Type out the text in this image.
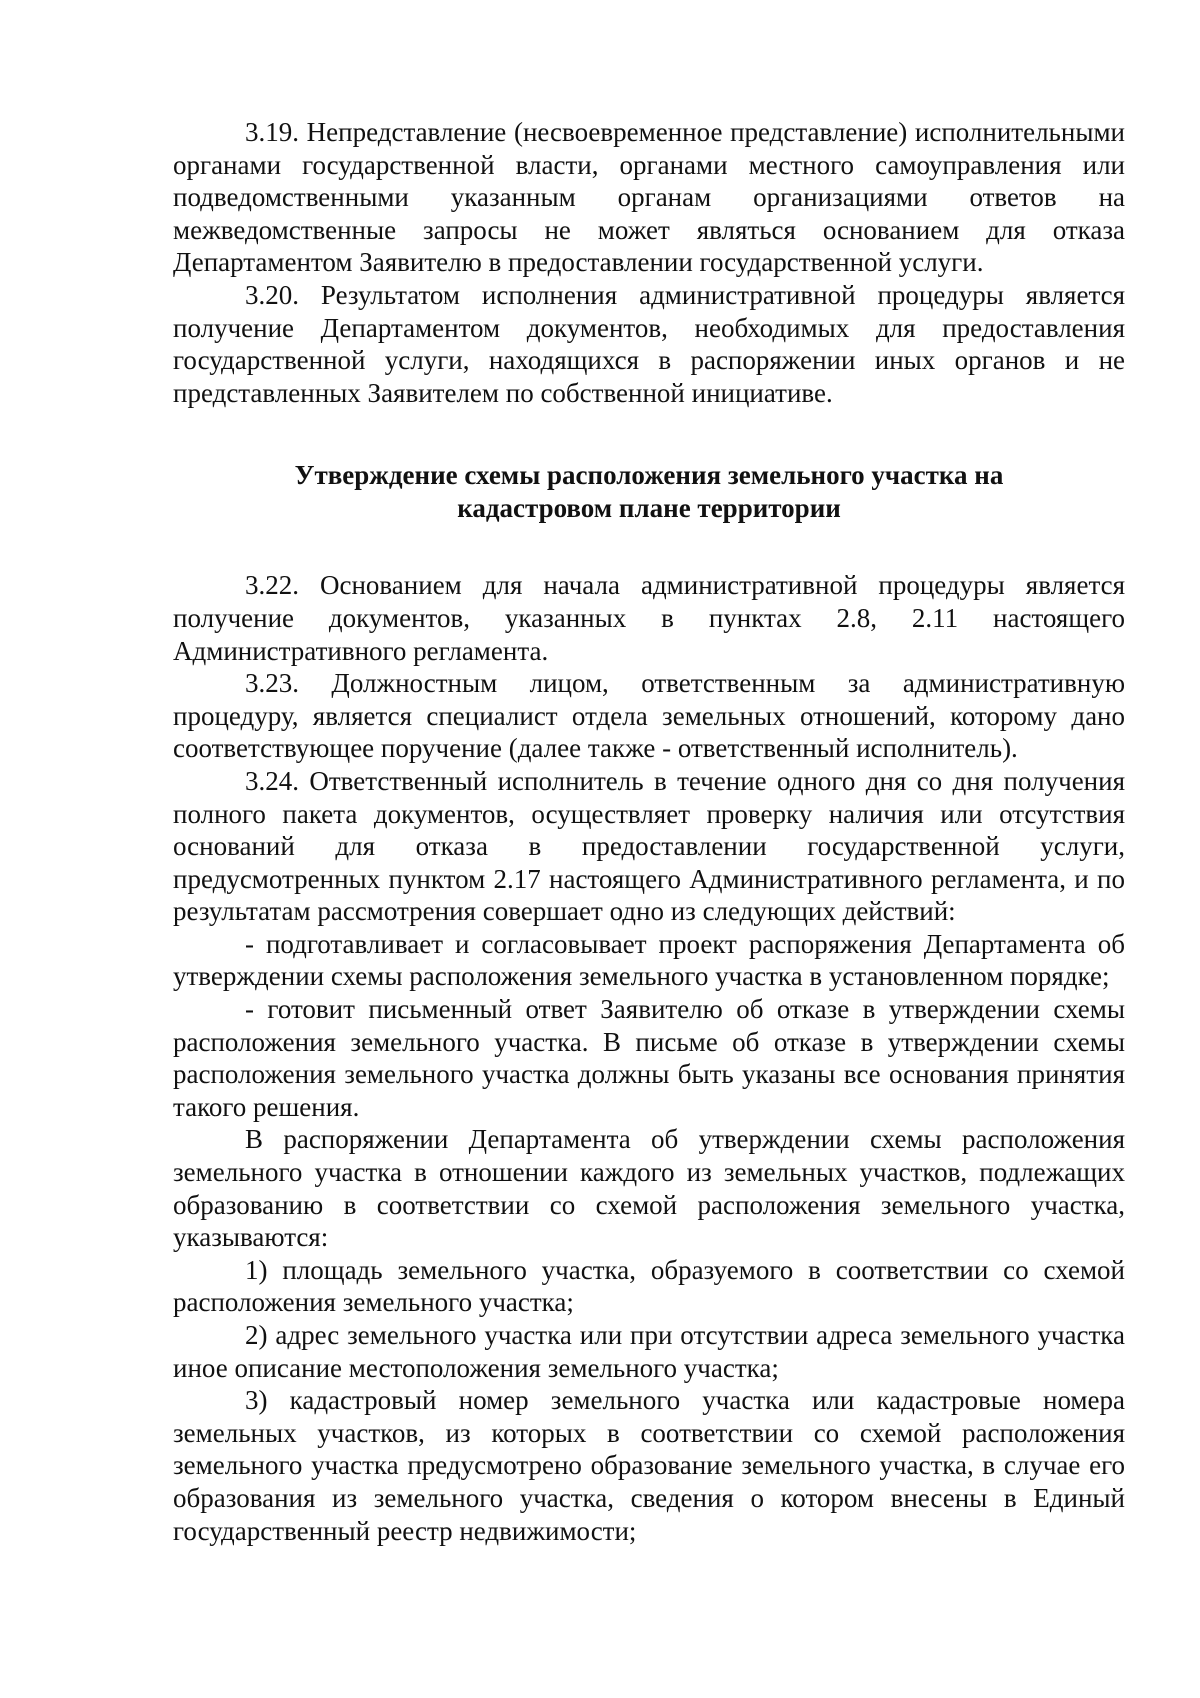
3.19. Непредставление (несвоевременное представление) исполнительными органами государственной власти, органами местного самоуправления или подведомственными указанным органам организациями ответов на межведомственные запросы не может являться основанием для отказа Департаментом Заявителю в предоставлении государственной услуги.

3.20. Результатом исполнения административной процедуры является получение Департаментом документов, необходимых для предоставления государственной услуги, находящихся в распоряжении иных органов и не представленных Заявителем по собственной инициативе.

Утверждение схемы расположения земельного участка на
кадастровом плане территории

3.22. Основанием для начала административной процедуры является получение документов, указанных в пунктах 2.8, 2.11 настоящего Административного регламента.

3.23. Должностным лицом, ответственным за административную процедуру, является специалист отдела земельных отношений, которому дано соответствующее поручение (далее также - ответственный исполнитель).

3.24. Ответственный исполнитель в течение одного дня со дня получения полного пакета документов, осуществляет проверку наличия или отсутствия оснований для отказа в предоставлении государственной услуги, предусмотренных пунктом 2.17 настоящего Административного регламента, и по результатам рассмотрения совершает одно из следующих действий:

- подготавливает и согласовывает проект распоряжения Департамента об утверждении схемы расположения земельного участка в установленном порядке;

- готовит письменный ответ Заявителю об отказе в утверждении схемы расположения земельного участка. В письме об отказе в утверждении схемы расположения земельного участка должны быть указаны все основания принятия такого решения.

В распоряжении Департамента об утверждении схемы расположения земельного участка в отношении каждого из земельных участков, подлежащих образованию в соответствии со схемой расположения земельного участка, указываются:

1) площадь земельного участка, образуемого в соответствии со схемой расположения земельного участка;

2) адрес земельного участка или при отсутствии адреса земельного участка иное описание местоположения земельного участка;

3) кадастровый номер земельного участка или кадастровые номера земельных участков, из которых в соответствии со схемой расположения земельного участка предусмотрено образование земельного участка, в случае его образования из земельного участка, сведения о котором внесены в Единый государственный реестр недвижимости;
